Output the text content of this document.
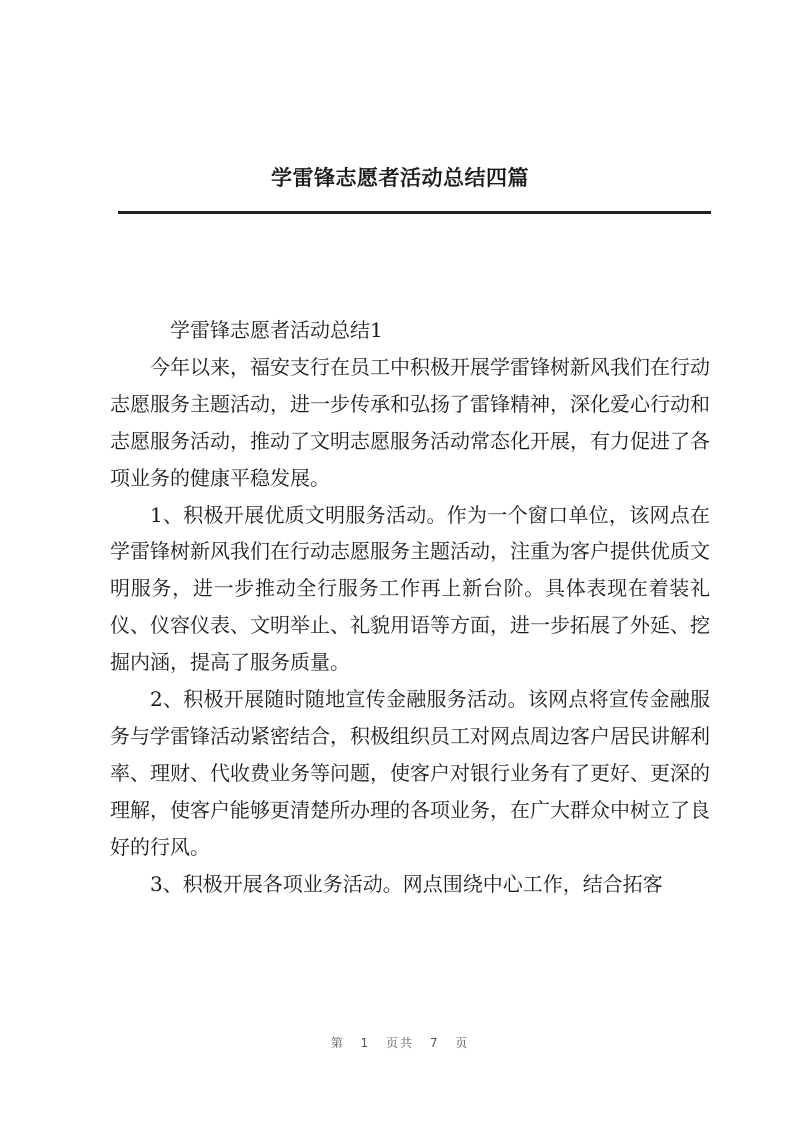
学雷锋志愿者活动总结四篇

学雷锋志愿者活动总结1

今年以来，福安支行在员工中积极开展学雷锋树新风我们在行动志愿服务主题活动，进一步传承和弘扬了雷锋精神，深化爱心行动和志愿服务活动，推动了文明志愿服务活动常态化开展，有力促进了各项业务的健康平稳发展。

1、积极开展优质文明服务活动。作为一个窗口单位，该网点在学雷锋树新风我们在行动志愿服务主题活动，注重为客户提供优质文明服务，进一步推动全行服务工作再上新台阶。具体表现在着装礼仪、仪容仪表、文明举止、礼貌用语等方面，进一步拓展了外延、挖掘内涵，提高了服务质量。

2、积极开展随时随地宣传金融服务活动。该网点将宣传金融服务与学雷锋活动紧密结合，积极组织员工对网点周边客户居民讲解利率、理财、代收费业务等问题，使客户对银行业务有了更好、更深的理解，使客户能够更清楚所办理的各项业务，在广大群众中树立了良好的行风。

3、积极开展各项业务活动。网点围绕中心工作，结合拓客

第 1 页共 7 页
